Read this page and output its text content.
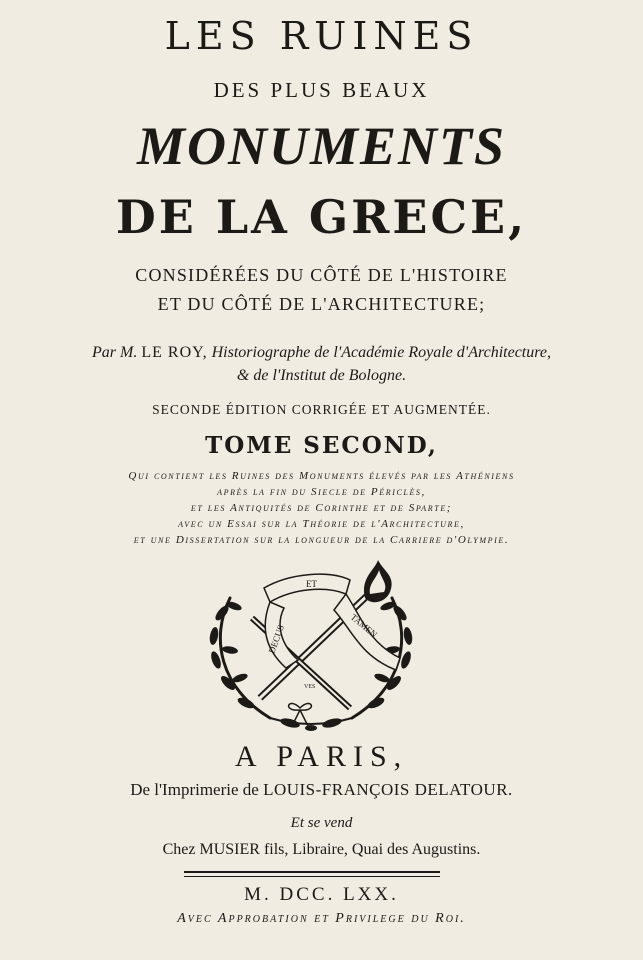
LES RUINES
DES PLUS BEAUX
MONUMENTS
DE LA GRECE,
CONSIDÉRÉES DU CÔTÉ DE L'HISTOIRE
ET DU CÔTÉ DE L'ARCHITECTURE;
Par M. LE ROY, Historiographe de l'Académie Royale d'Architecture,
& de l'Institut de Bologne.
SECONDE ÉDITION CORRIGÉE ET AUGMENTÉE.
TOME SECOND,
Qui contient les Ruines des Monuments élevés par les Athéniens
après la fin du Siecle de Périclès,
et les Antiquités de Corinthe et de Sparte;
avec un Essai sur la Théorie de l'Architecture,
et une Dissertation sur la longueur de la Carriere d'Olympie.
ET
DECUS	TAMEN
VES
A PARIS,
De l'Imprimerie de LOUIS-FRANÇOIS DELATOUR.
Et se vend
Chez MUSIER fils, Libraire, Quai des Augustins.
M. DCC. LXX.
Avec Approbation et Privilege du Roi.
